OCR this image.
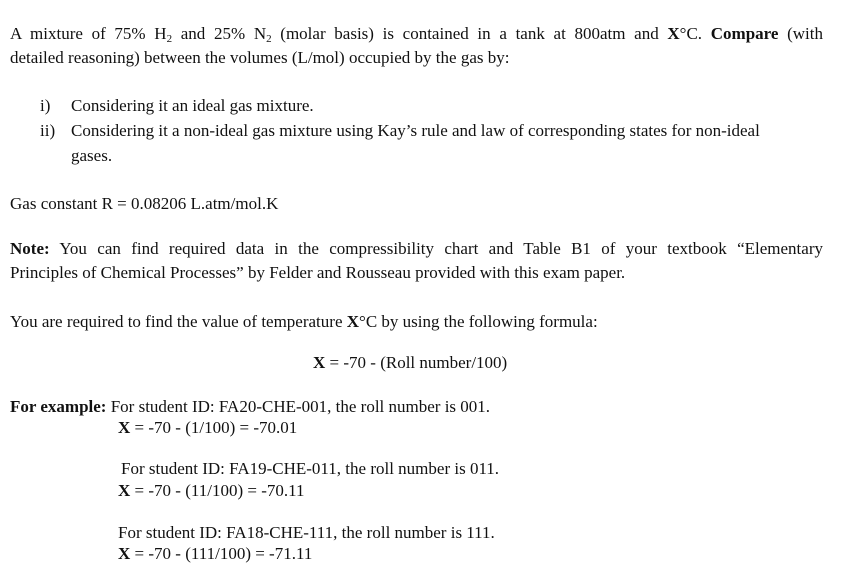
A mixture of 75% $H_2$ and 25% $N_2$ (molar basis) is contained in a tank at 800atm and X°C. Compare (with
detailed reasoning) between the volumes (L/mol) occupied by the gas by:
i) Considering it an ideal gas mixture.
ii) Considering it a non-ideal gas mixture using Kay’s rule and law of corresponding states for non-ideal
gases.
Gas constant R = 0.08206 L.atm/mol.K
Note: You can find required data in the compressibility chart and Table B1 of your textbook “Elementary
Principles of Chemical Processes” by Felder and Rousseau provided with this exam paper.
You are required to find the value of temperature X°C by using the following formula:
X = -70 - (Roll number/100)
For example: For student ID: FA20-CHE-001, the roll number is 001.
X = -70 - (1/100) = -70.01
For student ID: FA19-CHE-011, the roll number is 011.
X = -70 - (11/100) = -70.11
For student ID: FA18-CHE-111, the roll number is 111.
X = -70 - (111/100) = -71.11
